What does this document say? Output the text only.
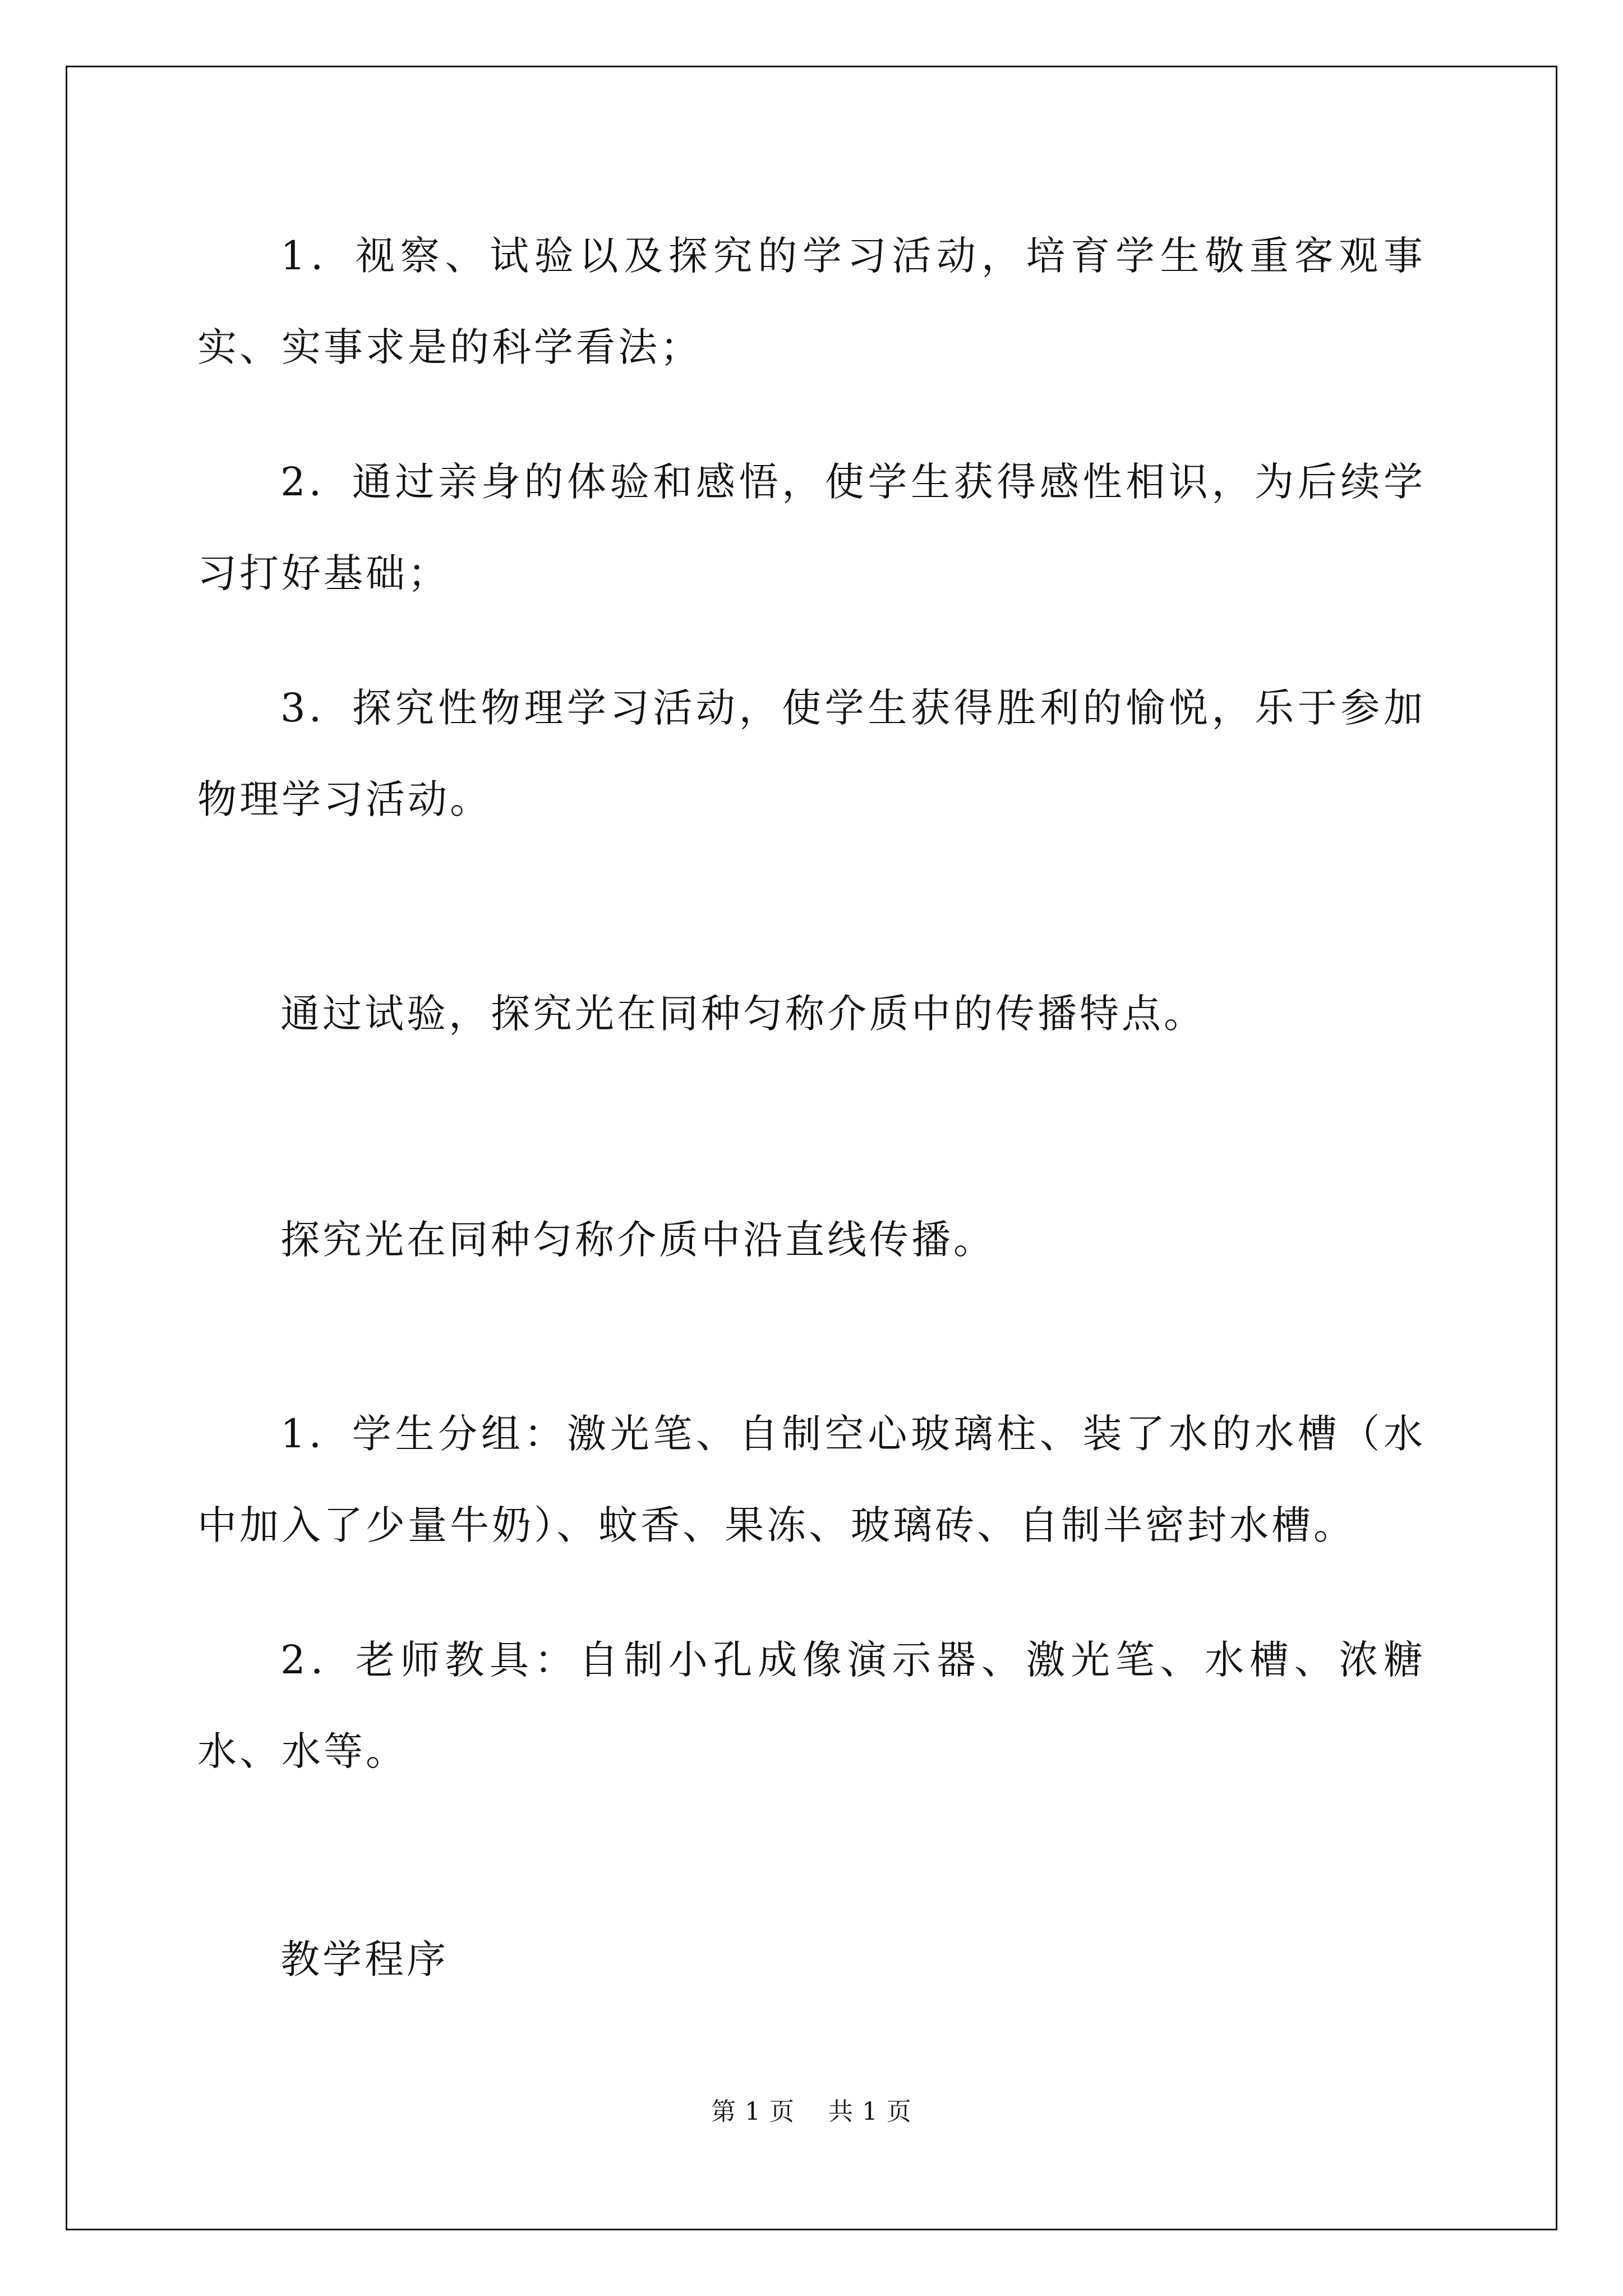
1．视察、试验以及探究的学习活动，培育学生敬重客观事实、实事求是的科学看法；

2．通过亲身的体验和感悟，使学生获得感性相识，为后续学习打好基础；

3．探究性物理学习活动，使学生获得胜利的愉悦，乐于参加物理学习活动。

通过试验，探究光在同种匀称介质中的传播特点。

探究光在同种匀称介质中沿直线传播。

1．学生分组：激光笔、自制空心玻璃柱、装了水的水槽（水中加入了少量牛奶）、蚊香、果冻、玻璃砖、自制半密封水槽。

2．老师教具：自制小孔成像演示器、激光笔、水槽、浓糖水、水等。

教学程序

第 1 页    共 1 页
